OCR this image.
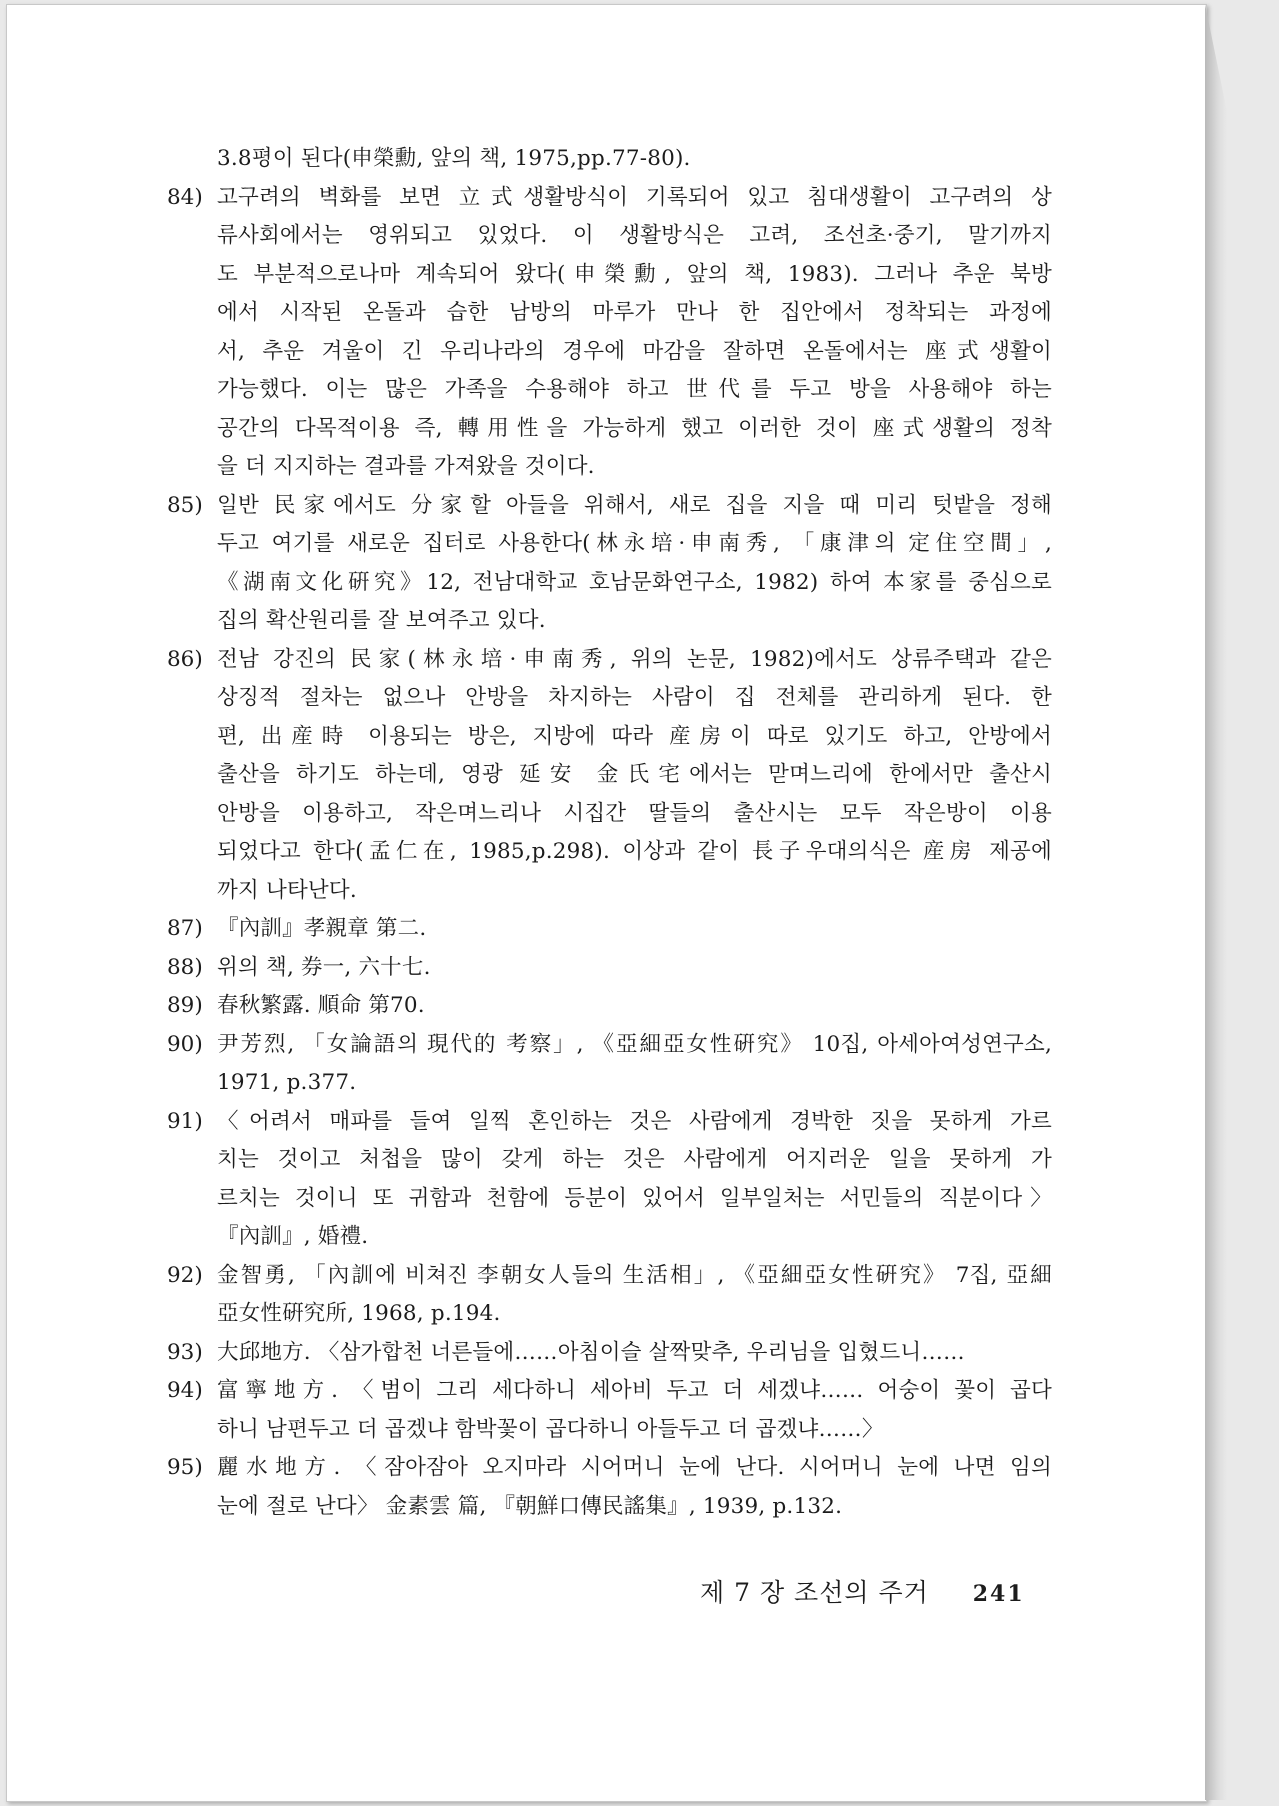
3.8평이 된다(申榮勳, 앞의 책, 1975,pp.77-80).
84) 고구려의 벽화를 보면 立式생활방식이 기록되어 있고 침대생활이 고구려의 상
류사회에서는 영위되고 있었다. 이 생활방식은 고려, 조선초·중기, 말기까지
도 부분적으로나마 계속되어 왔다(申榮勳, 앞의 책, 1983). 그러나 추운 북방
에서 시작된 온돌과 습한 남방의 마루가 만나 한 집안에서 정착되는 과정에
서, 추운 겨울이 긴 우리나라의 경우에 마감을 잘하면 온돌에서는 座式생활이
가능했다. 이는 많은 가족을 수용해야 하고 世代를 두고 방을 사용해야 하는
공간의 다목적이용 즉, 轉用性을 가능하게 했고 이러한 것이 座式생활의 정착
을 더 지지하는 결과를 가져왔을 것이다.
85) 일반 民家에서도 分家할 아들을 위해서, 새로 집을 지을 때 미리 텃밭을 정해
두고 여기를 새로운 집터로 사용한다(林永培·申南秀, 「康津의 定住空間」,
《湖南文化硏究》12, 전남대학교 호남문화연구소, 1982) 하여 本家를 중심으로
집의 확산원리를 잘 보여주고 있다.
86) 전남 강진의 民家(林永培·申南秀, 위의 논문, 1982)에서도 상류주택과 같은
상징적 절차는 없으나 안방을 차지하는 사람이 집 전체를 관리하게 된다. 한
편, 出産時 이용되는 방은, 지방에 따라 産房이 따로 있기도 하고, 안방에서
출산을 하기도 하는데, 영광 延安 金氏宅에서는 맏며느리에 한에서만 출산시
안방을 이용하고, 작은며느리나 시집간 딸들의 출산시는 모두 작은방이 이용
되었다고 한다(孟仁在, 1985,p.298). 이상과 같이 長子우대의식은 産房 제공에
까지 나타난다.
87) 『內訓』孝親章 第二.
88) 위의 책, 券一, 六十七.
89) 春秋繁露. 順命 第70.
90) 尹芳烈, 「女論語의 現代的 考察」, 《亞細亞女性硏究》 10집, 아세아여성연구소,
1971, p.377.
91) 〈어려서 매파를 들여 일찍 혼인하는 것은 사람에게 경박한 짓을 못하게 가르
치는 것이고 처첩을 많이 갖게 하는 것은 사람에게 어지러운 일을 못하게 가
르치는 것이니 또 귀함과 천함에 등분이 있어서 일부일처는 서민들의 직분이다〉
『內訓』, 婚禮.
92) 金智勇, 「內訓에 비쳐진 李朝女人들의 生活相」, 《亞細亞女性硏究》 7집, 亞細
亞女性硏究所, 1968, p.194.
93) 大邱地方. 〈삼가합천 너른들에……아침이슬 살짝맞추, 우리님을 입혔드니……
94) 富寧地方. 〈범이 그리 세다하니 세아비 두고 더 세겠냐…… 어숭이 꽃이 곱다
하니 남편두고 더 곱겠냐 함박꽃이 곱다하니 아들두고 더 곱겠냐……〉
95) 麗水地方. 〈잠아잠아 오지마라 시어머니 눈에 난다. 시어머니 눈에 나면 임의
눈에 절로 난다〉 金素雲 篇, 『朝鮮口傳民謠集』, 1939, p.132.
제 7 장 조선의 주거 241
